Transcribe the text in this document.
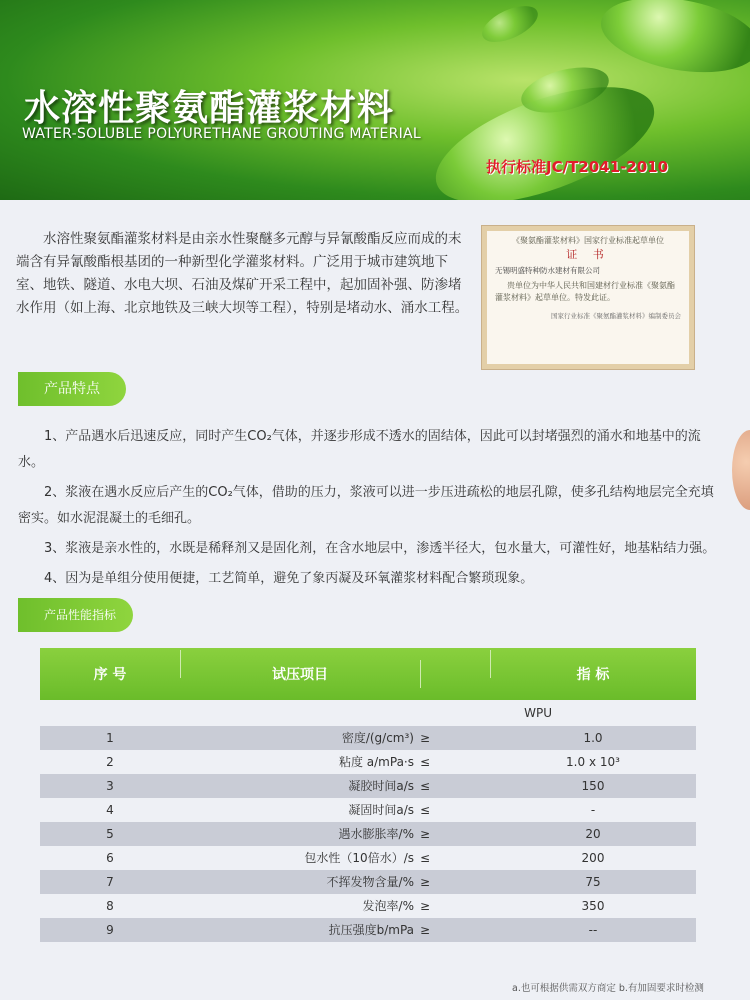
水溶性聚氨酯灌浆材料
WATER-SOLUBLE POLYURETHANE GROUTING MATERIAL
执行标准JC/T2041-2010
水溶性聚氨酯灌浆材料是由亲水性聚醚多元醇与异氰酸酯反应而成的末端含有异氰酸酯根基团的一种新型化学灌浆材料。广泛用于城市建筑地下室、地铁、隧道、水电大坝、石油及煤矿开采工程中，起加固补强、防渗堵水作用（如上海、北京地铁及三峡大坝等工程），特别是堵动水、涌水工程。
《聚氨酯灌浆材料》国家行业标准起草单位
证 书
无锡明盛特种防水建材有限公司
贵单位为中华人民共和国建材行业标准《聚氨酯灌浆材料》起草单位。特发此证。
国家行业标准《聚氨酯灌浆材料》编制委员会
产品特点

1、产品遇水后迅速反应，同时产生CO₂气体，并逐步形成不透水的固结体，因此可以封堵强烈的涌水和地基中的流水。

2、浆液在遇水反应后产生的CO₂气体，借助的压力，浆液可以进一步压进疏松的地层孔隙，使多孔结构地层完全充填密实。如水泥混凝土的毛细孔。

3、浆液是亲水性的，水既是稀释剂又是固化剂，在含水地层中，渗透半径大，包水量大，可灌性好，地基粘结力强。

4、因为是单组分使用便捷，工艺简单，避免了象丙凝及环氧灌浆材料配合繁琐现象。

产品性能指标
序 号	试压项目	指 标
WPU
1	密度/(g/cm³) ≥	1.0
2	粘度 a/mPa·s ≤	1.0 x 10³
3	凝胶时间a/s ≤	150
4	凝固时间a/s ≤	-
5	遇水膨胀率/% ≥	20
6	包水性（10倍水）/s ≤	200
7	不挥发物含量/% ≥	75
8	发泡率/% ≥	350
9	抗压强度b/mPa ≥	--
a.也可根据供需双方商定 b.有加固要求时检测
